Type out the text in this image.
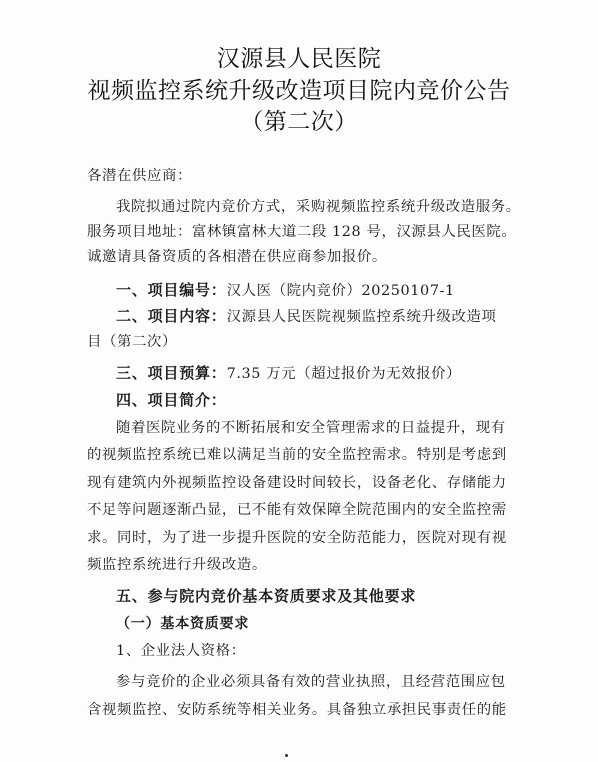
汉源县人民医院
视频监控系统升级改造项目院内竞价公告
（第二次）
各潜在供应商：
我院拟通过院内竞价方式，采购视频监控系统升级改造服务。
服务项目地址：富林镇富林大道二段 128 号，汉源县人民医院。
诚邀请具备资质的各相潜在供应商参加报价。
一、项目编号：汉人医（院内竞价）20250107-1
二、项目内容：汉源县人民医院视频监控系统升级改造项
目（第二次）
三、项目预算：7.35 万元（超过报价为无效报价）
四、项目简介：
随着医院业务的不断拓展和安全管理需求的日益提升，现有
的视频监控系统已难以满足当前的安全监控需求。特别是考虑到
现有建筑内外视频监控设备建设时间较长，设备老化、存储能力
不足等问题逐渐凸显，已不能有效保障全院范围内的安全监控需
求。同时，为了进一步提升医院的安全防范能力，医院对现有视
频监控系统进行升级改造。
五、参与院内竞价基本资质要求及其他要求
（一）基本资质要求
1、企业法人资格：
参与竞价的企业必须具备有效的营业执照，且经营范围应包
含视频监控、安防系统等相关业务。具备独立承担民事责任的能
